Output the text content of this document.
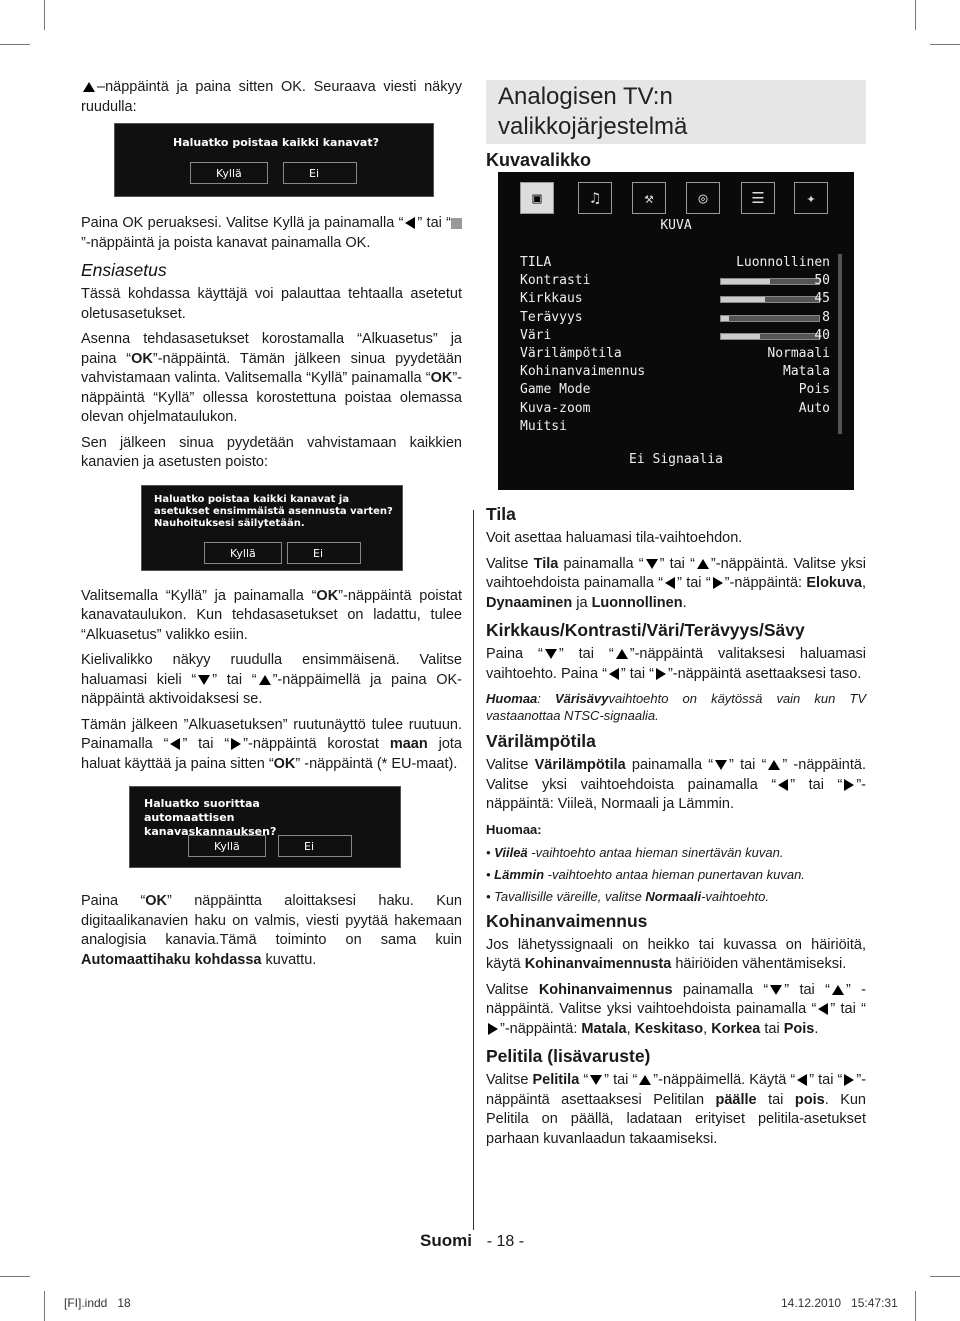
–näppäintä ja paina sitten OK. Seuraava viesti näkyy ruudulla:

Haluatko poistaa kaikki kanavat?
Kyllä	Ei

Paina OK peruaksesi. Valitse Kyllä ja painamalla “ ” tai “”-näppäintä ja poista kanavat painamalla OK.

Ensiasetus

Tässä kohdassa käyttäjä voi palauttaa tehtaalla asetetut oletusasetukset.

Asenna tehdasasetukset korostamalla “Alkuasetus” ja paina “OK”-näppäintä. Tämän jälkeen sinua pyydetään vahvistamaan valinta. Valitsemalla “Kyllä” painamalla “OK”-näppäintä “Kyllä” ollessa korostettuna poistaa olemassa olevan ohjelmataulukon.

Sen jälkeen sinua pyydetään vahvistamaan kaikkien kanavien ja asetusten poisto:

Haluatko poistaa kaikki kanavat ja asetukset ensimmäistä asennusta varten? Nauhoituksesi säilytetään.
Kyllä	Ei

Valitsemalla “Kyllä” ja painamalla “OK”-näppäintä poistat kanavataulukon. Kun tehdasasetukset on ladattu, tulee “Alkuasetus” valikko esiin.

Kielivalikko näkyy ruudulla ensimmäisenä. Valitse haluamasi kieli “ ” tai “ ”-näppäimellä ja paina OK-näppäintä aktivoidaksesi se.

Tämän jälkeen ”Alkuasetuksen” ruutunäyttö tulee ruutuun. Painamalla “ ” tai “ ”-näppäintä korostat maan jota haluat käyttää ja paina sitten “OK” -näppäintä (* EU-maat).

Haluatko suorittaa automaattisen kanavaskannauksen?
Kyllä	Ei

Paina “OK” näppäintta aloittaksesi haku. Kun digitaalikanavien haku on valmis, viesti pyytää hakemaan analogisia kanavia.Tämä toiminto on sama kuin Automaattihaku kohdassa kuvattu.

Analogisen TV:n valikkojärjestelmä
Kuvavalikko
▣	♫	⚒	◎	☰	✦
KUVA
TILA	Luonnollinen
Kontrasti	50
Kirkkaus	45
Terävyys	8
Väri	40
Värilämpötila	Normaali
Kohinanvaimennus	Matala
Game Mode	Pois
Kuva-zoom	Auto
Muitsi
Ei Signaalia
Tila

Voit asettaa haluamasi tila-vaihtoehdon.

Valitse Tila painamalla “ ” tai “ ”-näppäintä. Valitse yksi vaihtoehdoista painamalla “ ” tai “ ”-näppäintä: Elokuva, Dynaaminen ja Luonnollinen.

Kirkkaus/Kontrasti/Väri/Terävyys/Sävy

Paina “ ” tai “ ”-näppäintä valitaksesi haluamasi vaihtoehto. Paina “ ” tai “ ”-näppäintä asettaaksesi taso.

Huomaa: Värisävyvaihtoehto on käytössä vain kun TV vastaanottaa NTSC-signaalia.

Värilämpötila

Valitse Värilämpötila painamalla “ ” tai “ ” -näppäintä. Valitse yksi vaihtoehdoista painamalla “ ” tai “ ”-näppäintä: Viileä, Normaali ja Lämmin.

Huomaa:

• Viileä -vaihtoehto antaa hieman sinertävän kuvan.

• Lämmin -vaihtoehto antaa hieman punertavan kuvan.

• Tavallisille väreille, valitse Normaali-vaihtoehto.

Kohinanvaimennus

Jos lähetyssignaali on heikko tai kuvassa on häiriöitä, käytä Kohinanvaimennusta häiriöiden vähentämiseksi.

Valitse Kohinanvaimennus painamalla “ ” tai “ ” -näppäintä. Valitse yksi vaihtoehdoista painamalla “ ” tai “”-näppäintä: Matala, Keskitaso, Korkea tai Pois.

Pelitila (lisävaruste)

Valitse Pelitila “ ” tai “ ”-näppäimellä. Käytä “ ” tai “ ”-näppäintä asettaaksesi Pelitilan päälle tai pois. Kun Pelitila on päällä, ladataan erityiset pelitila-asetukset parhaan kuvanlaadun takaamiseksi.

Suomi - 18 -
[FI].indd   18	14.12.2010   15:47:31
